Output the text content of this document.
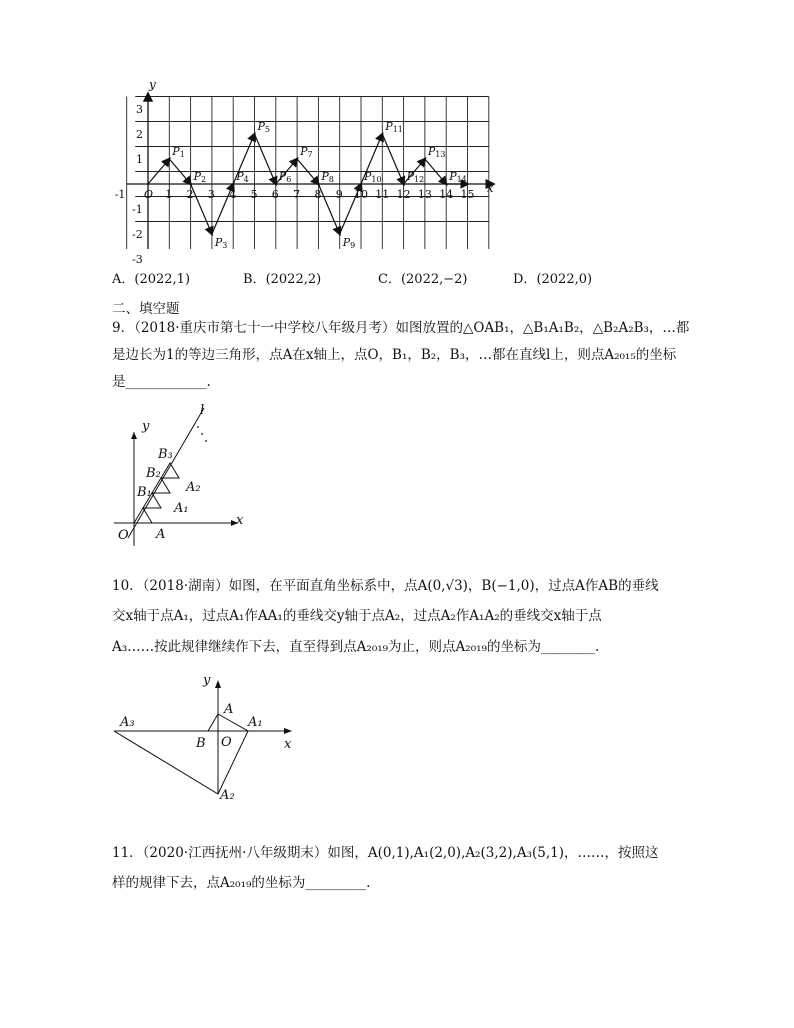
y
x
-1 O 1 2 3 4 5 6 7 8 9 10 11 12 13 14 15
3
2
1
-1
-2
-3
P1
P2
P3
P4
P5
P6
P7
P8
P9
P10
P11
P12
P13
P14
A．(2022,1)	B．(2022,2)	C．(2022,−2)	D．(2022,0)
二、填空题
9．（2018·重庆市第七十一中学校八年级月考）如图放置的△OAB₁，△B₁A₁B₂，△B₂A₂B₃，…都
是边长为1的等边三角形，点A在x轴上，点O，B₁，B₂，B₃，…都在直线l上，则点A₂₀₁₅的坐标
是____________.
O A
A₁
A₂
B₁
B₂
B₃
y
x
l
10．（2018·湖南）如图，在平面直角坐标系中，点A(0,√3)，B(−1,0)，过点A作AB的垂线
交x轴于点A₁，过点A₁作AA₁的垂线交y轴于点A₂，过点A₂作A₁A₂的垂线交x轴于点
A₃……按此规律继续作下去，直至得到点A₂₀₁₉为止，则点A₂₀₁₉的坐标为________.
y
x
A
A₁
A₂
A₃
B O
11．（2020·江西抚州·八年级期末）如图，A(0,1),A₁(2,0),A₂(3,2),A₃(5,1)，……，按照这
样的规律下去，点A₂₀₁₉的坐标为_________.
